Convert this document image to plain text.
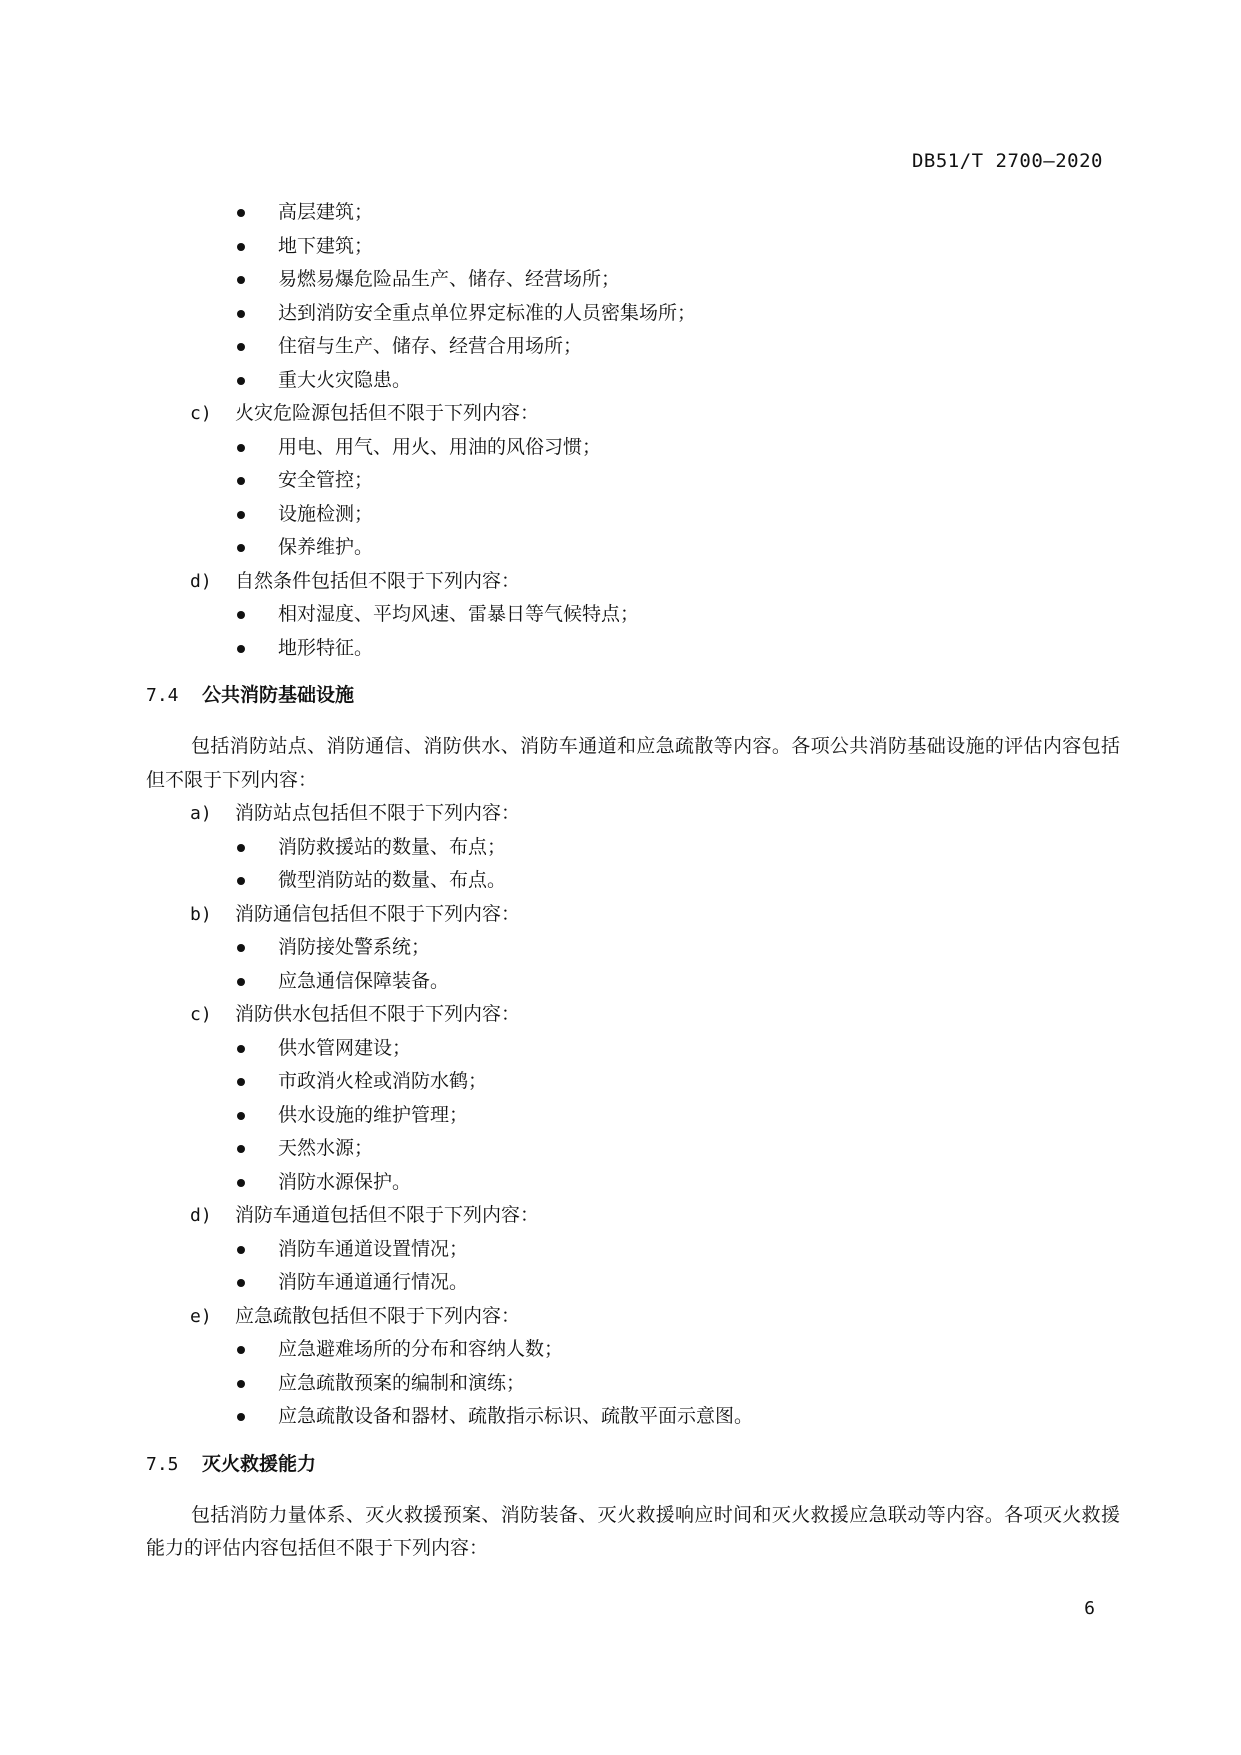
DB51/T 2700—2020
高层建筑；
地下建筑；
易燃易爆危险品生产、储存、经营场所；
达到消防安全重点单位界定标准的人员密集场所；
住宿与生产、储存、经营合用场所；
重大火灾隐患。
c) 火灾危险源包括但不限于下列内容：
用电、用气、用火、用油的风俗习惯；
安全管控；
设施检测；
保养维护。
d) 自然条件包括但不限于下列内容：
相对湿度、平均风速、雷暴日等气候特点；
地形特征。
7.4 公共消防基础设施
包括消防站点、消防通信、消防供水、消防车通道和应急疏散等内容。各项公共消防基础设施的评估内容包括但不限于下列内容：
a) 消防站点包括但不限于下列内容：
消防救援站的数量、布点；
微型消防站的数量、布点。
b) 消防通信包括但不限于下列内容：
消防接处警系统；
应急通信保障装备。
c) 消防供水包括但不限于下列内容：
供水管网建设；
市政消火栓或消防水鹤；
供水设施的维护管理；
天然水源；
消防水源保护。
d) 消防车通道包括但不限于下列内容：
消防车通道设置情况；
消防车通道通行情况。
e) 应急疏散包括但不限于下列内容：
应急避难场所的分布和容纳人数；
应急疏散预案的编制和演练；
应急疏散设备和器材、疏散指示标识、疏散平面示意图。
7.5 灭火救援能力
包括消防力量体系、灭火救援预案、消防装备、灭火救援响应时间和灭火救援应急联动等内容。各项灭火救援能力的评估内容包括但不限于下列内容：
6
